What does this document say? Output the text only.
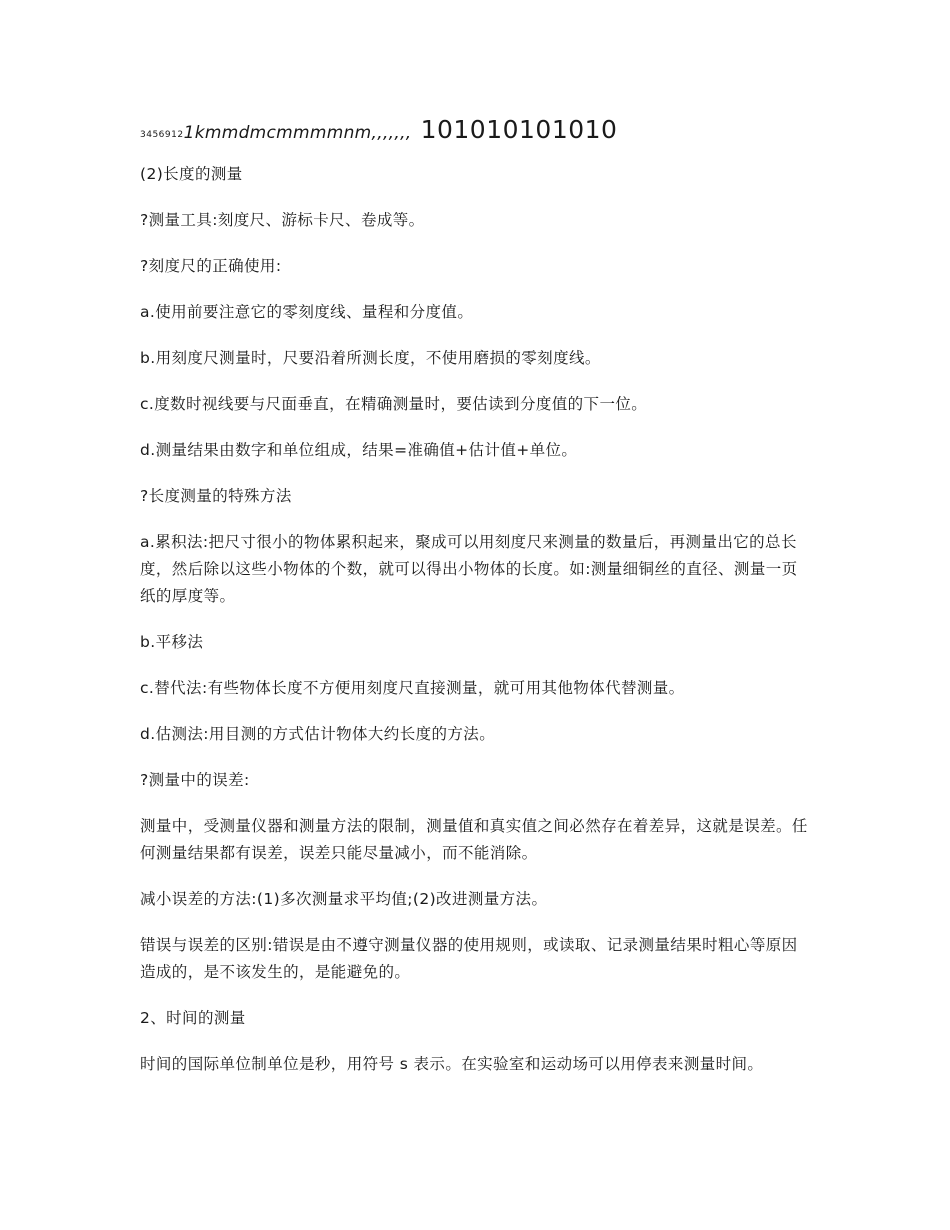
34569121kmmdmcmmmmnm,,,,,,, 101010101010

(2)长度的测量

?测量工具:刻度尺、游标卡尺、卷成等。

?刻度尺的正确使用:

a.使用前要注意它的零刻度线、量程和分度值。

b.用刻度尺测量时，尺要沿着所测长度，不使用磨损的零刻度线。

c.度数时视线要与尺面垂直，在精确测量时，要估读到分度值的下一位。

d.测量结果由数字和单位组成，结果=准确值+估计值+单位。

?长度测量的特殊方法

a.累积法:把尺寸很小的物体累积起来，聚成可以用刻度尺来测量的数量后，再测量出它的总长度，然后除以这些小物体的个数，就可以得出小物体的长度。如:测量细铜丝的直径、测量一页纸的厚度等。

b.平移法

c.替代法:有些物体长度不方便用刻度尺直接测量，就可用其他物体代替测量。

d.估测法:用目测的方式估计物体大约长度的方法。

?测量中的误差:

测量中，受测量仪器和测量方法的限制，测量值和真实值之间必然存在着差异，这就是误差。任何测量结果都有误差，误差只能尽量减小，而不能消除。

减小误差的方法:(1)多次测量求平均值;(2)改进测量方法。

错误与误差的区别:错误是由不遵守测量仪器的使用规则，或读取、记录测量结果时粗心等原因造成的，是不该发生的，是能避免的。

2、时间的测量

时间的国际单位制单位是秒，用符号 s 表示。在实验室和运动场可以用停表来测量时间。
